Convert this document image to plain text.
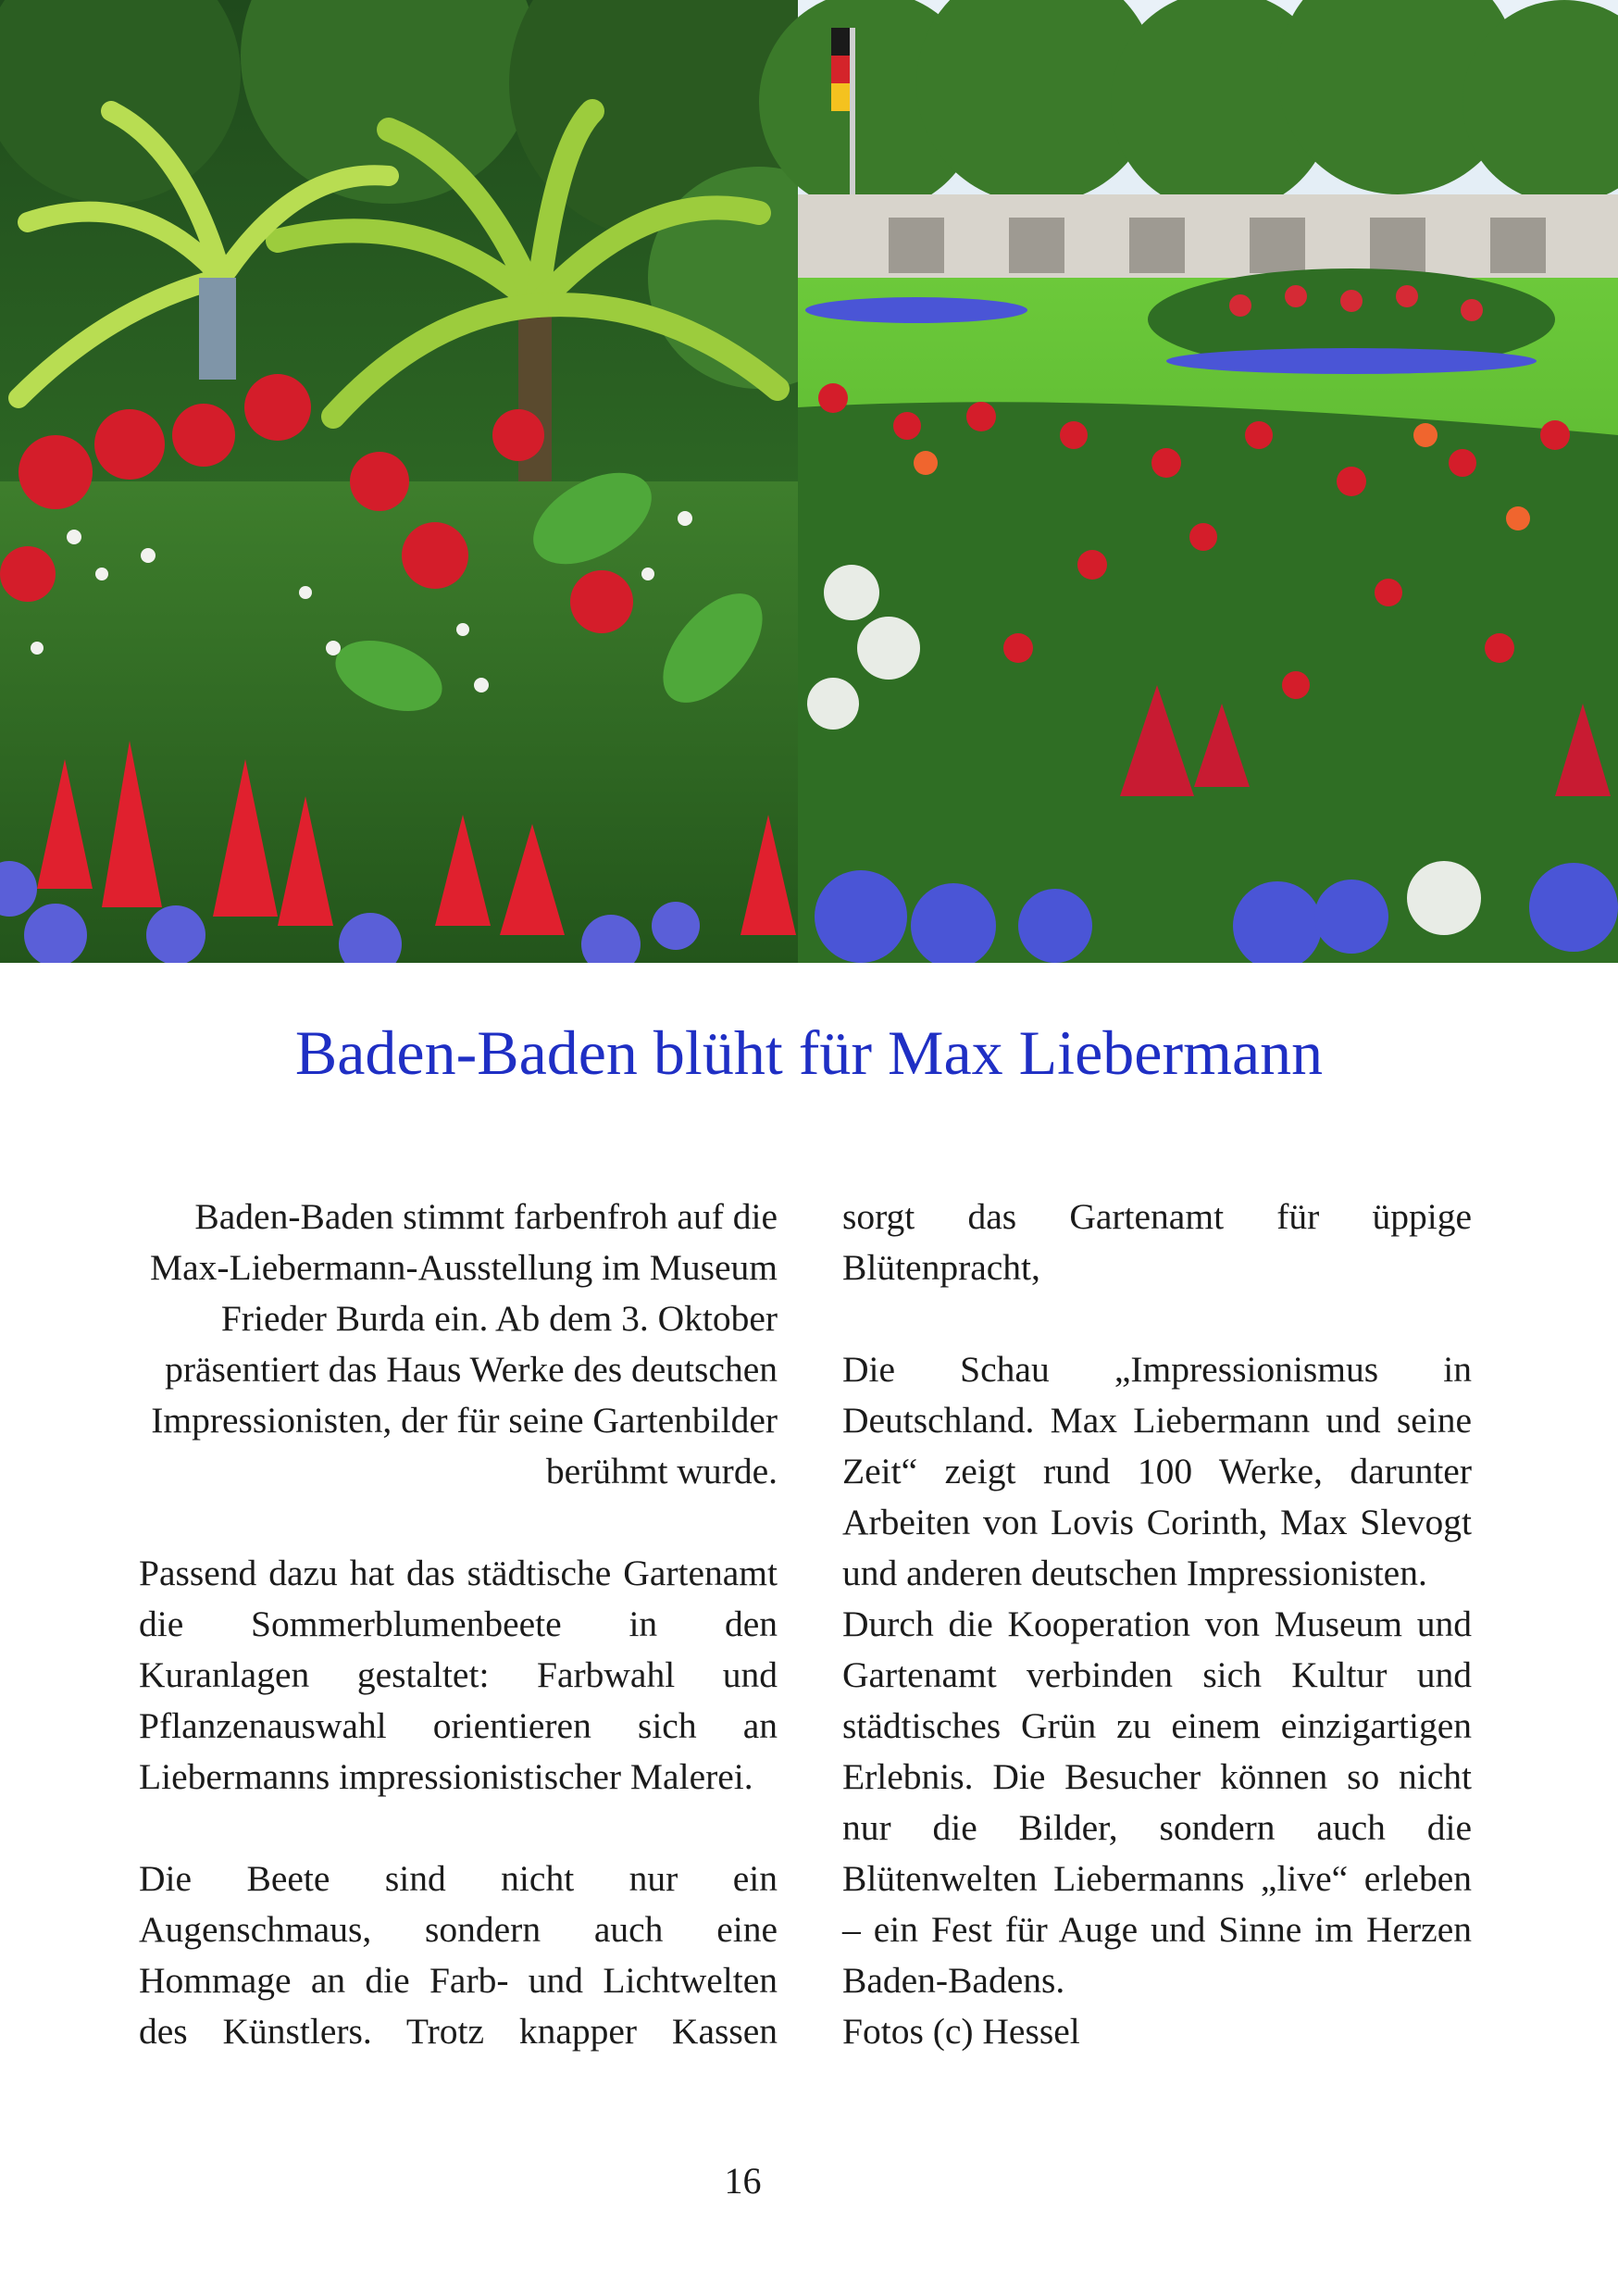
Baden-Baden blüht für Max Liebermann

Baden-Baden stimmt farbenfroh auf die Max-Liebermann-Ausstellung im Museum Frieder Burda ein. Ab dem 3. Oktober präsentiert das Haus Werke des deutschen Impressionisten, der für seine Gartenbilder berühmt wurde.

Passend dazu hat das städtische Gartenamt die Sommerblumenbeete in den Kuranlagen gestaltet: Farbwahl und Pflanzenauswahl orientieren sich an Liebermanns impressionistischer Malerei.

Die Beete sind nicht nur ein Augenschmaus, sondern auch eine Hommage an die Farb- und Lichtwelten des Künstlers. Trotz knapper Kassen

sorgt das Gartenamt für üppige Blütenpracht,

Die Schau „Impressionismus in Deutschland. Max Liebermann und seine Zeit“ zeigt rund 100 Werke, darunter Arbeiten von Lovis Corinth, Max Slevogt und anderen deutschen Impressionisten.

Durch die Kooperation von Museum und Gartenamt verbinden sich Kultur und städtisches Grün zu einem einzigartigen Erlebnis. Die Besucher können so nicht nur die Bilder, sondern auch die Blütenwelten Liebermanns „live“ erleben – ein Fest für Auge und Sinne im Herzen Baden-Badens.

Fotos (c) Hessel

16
